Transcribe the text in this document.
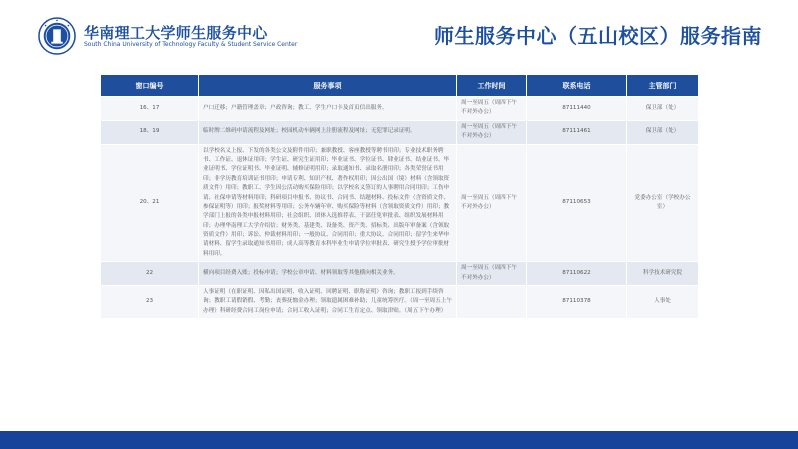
华南理工大学师生服务中心
South China University of Technology Faculty & Student Service Center	师生服务中心（五山校区）服务指南
窗口编号	服务事项	工作时间	联系电话	主管部门
16、17	户口迁移；户籍管理盖章；户政咨询；教工、学生户口卡及首页信出服务。	周一至周五（周四下午不对外办公）	87111440	保卫部（处）
18、19	临时牌二维码申请流程及网址；校园机动车辆网上注册流程及网址；无犯罪记录证明。	周一至周五（周四下午不对外办公）	87111461	保卫部（处）
20、21	以学校名义上报、下发的各类公文及附件用印；兼职教授、客座教授等聘书用印；专业技术职务聘书、工作证、退休证用印；学生证、研究生证用印；毕业证书、学位证书、肄业证书、结业证书、毕业证明书、学位证明书、毕业证明、辅修证明用印；录取通知书、录取名册用印；各类荣誉证书用印；非学历教育培训证书用印；申请专利、知识产权、著作权用印；因公出国（境）材料（含领取资质文件）用印；教职工、学生因公活动购买保险用印；以学校名义签订的人事聘用合同用印；工伤申请、社保申请等材料用印；科研项目申报书、协议书、合同书、结题材料、投标文件（含资质文件、参保证明等）用印；报奖材料等用印；公务车辆年审、购买保险等材料（含领取资质文件）用印；教学部门上报的各类申报材料用印；社会组织、团体入选推荐表、干部任免审批表、组织发展材料用印；办理华南理工大学介绍信；财务类、基建类、设备类、资产类、招标类、出版年审备案（含领取资质文件）用印；诉讼、仲裁材料用印；一般协议、合同用印；重大协议、合同用印；留学生来华申请材料、留学生录取通知书用印；成人高等教育本科毕业生申请学位审批表、研究生授予学位审批材料用印。	周一至周五（周四下午不对外办公）	87110653	党委办公室（学校办公室）
22	横向项目经费入账；投标申请；学校公章申请、材料领取等其他横向相关业务。	周一至周五（周四下午不对外办公）	87110622	科学技术研究院
23	人事证明（在职证明、因私出国证明、收入证明、回聘证明、职称证明）咨询；教职工报到手续咨询；教职工请假销假、考勤；丧葬抚恤金办理；领取遗属困难补助；儿童统筹医疗。（周一至周五上午办理）科研经费合同工岗位申请；合同工收入证明；合同工生育定点、领取津贴。（周五下午办理）		87110378	人事处
